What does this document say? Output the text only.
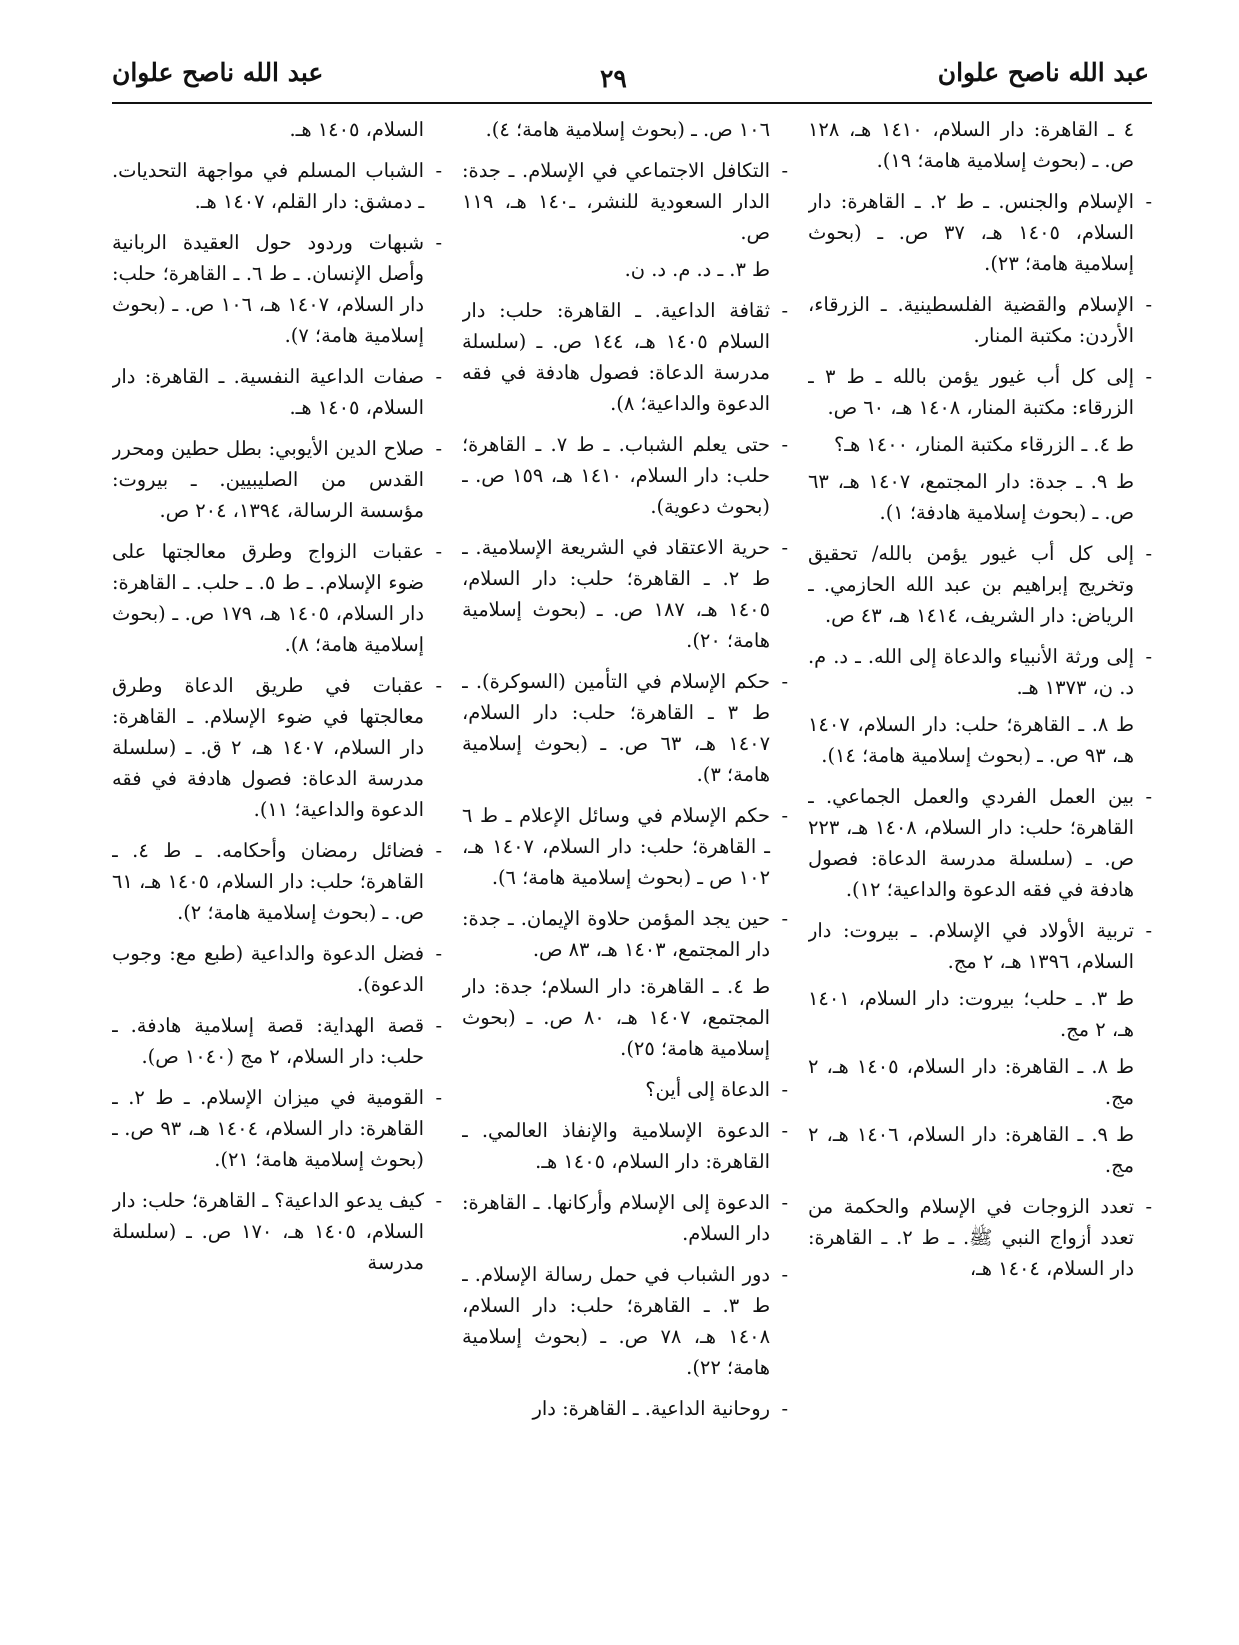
عبد الله ناصح علوان
٢٩
عبد الله ناصح علوان
٤ ـ القاهرة: دار السلام، ١٤١٠ هـ، ١٢٨ ص. ـ (بحوث إسلامية هامة؛ ١٩).
- الإسلام والجنس. ـ ط ٢. ـ القاهرة: دار السلام، ١٤٠٥ هـ، ٣٧ ص. ـ (بحوث إسلامية هامة؛ ٢٣).
- الإسلام والقضية الفلسطينية. ـ الزرقاء، الأردن: مكتبة المنار.
- إلى كل أب غيور يؤمن بالله ـ ط ٣ ـ الزرقاء: مكتبة المنار، ١٤٠٨ هـ، ٦٠ ص.
ط ٤. ـ الزرقاء مكتبة المنار، ١٤٠٠ هـ؟
ط ٩. ـ جدة: دار المجتمع، ١٤٠٧ هـ، ٦٣ ص. ـ (بحوث إسلامية هادفة؛ ١).
- إلى كل أب غيور يؤمن بالله/ تحقيق وتخريج إبراهيم بن عبد الله الحازمي. ـ الرياض: دار الشريف، ١٤١٤ هـ، ٤٣ ص.
- إلى ورثة الأنبياء والدعاة إلى الله. ـ د. م. د. ن، ١٣٧٣ هـ.
ط ٨. ـ القاهرة؛ حلب: دار السلام، ١٤٠٧ هـ، ٩٣ ص. ـ (بحوث إسلامية هامة؛ ١٤).
- بين العمل الفردي والعمل الجماعي. ـ القاهرة؛ حلب: دار السلام، ١٤٠٨ هـ، ٢٢٣ ص. ـ (سلسلة مدرسة الدعاة: فصول هادفة في فقه الدعوة والداعية؛ ١٢).
- تربية الأولاد في الإسلام. ـ بيروت: دار السلام، ١٣٩٦ هـ، ٢ مج.
ط ٣. ـ حلب؛ بيروت: دار السلام، ١٤٠١ هـ، ٢ مج.
ط ٨. ـ القاهرة: دار السلام، ١٤٠٥ هـ، ٢ مج.
ط ٩. ـ القاهرة: دار السلام، ١٤٠٦ هـ، ٢ مج.
- تعدد الزوجات في الإسلام والحكمة من تعدد أزواج النبي ﷺ. ـ ط ٢. ـ القاهرة: دار السلام، ١٤٠٤ هـ،
١٠٦ ص. ـ (بحوث إسلامية هامة؛ ٤).
- التكافل الاجتماعي في الإسلام. ـ جدة: الدار السعودية للنشر، ـ١٤٠ هـ، ١١٩ ص.
ط ٣. ـ د. م. د. ن.
- ثقافة الداعية. ـ القاهرة: حلب: دار السلام ١٤٠٥ هـ، ١٤٤ ص. ـ (سلسلة مدرسة الدعاة: فصول هادفة في فقه الدعوة والداعية؛ ٨).
- حتى يعلم الشباب. ـ ط ٧. ـ القاهرة؛ حلب: دار السلام، ١٤١٠ هـ، ١٥٩ ص. ـ (بحوث دعوية).
- حرية الاعتقاد في الشريعة الإسلامية. ـ ط ٢. ـ القاهرة؛ حلب: دار السلام، ١٤٠٥ هـ، ١٨٧ ص. ـ (بحوث إسلامية هامة؛ ٢٠).
- حكم الإسلام في التأمين (السوكرة). ـ ط ٣ ـ القاهرة؛ حلب: دار السلام، ١٤٠٧ هـ، ٦٣ ص. ـ (بحوث إسلامية هامة؛ ٣).
- حكم الإسلام في وسائل الإعلام ـ ط ٦ ـ القاهرة؛ حلب: دار السلام، ١٤٠٧ هـ، ١٠٢ ص ـ (بحوث إسلامية هامة؛ ٦).
- حين يجد المؤمن حلاوة الإيمان. ـ جدة: دار المجتمع، ١٤٠٣ هـ، ٨٣ ص.
ط ٤. ـ القاهرة: دار السلام؛ جدة: دار المجتمع، ١٤٠٧ هـ، ٨٠ ص. ـ (بحوث إسلامية هامة؛ ٢٥).
- الدعاة إلى أين؟
- الدعوة الإسلامية والإنفاذ العالمي. ـ القاهرة: دار السلام، ١٤٠٥ هـ.
- الدعوة إلى الإسلام وأركانها. ـ القاهرة: دار السلام.
- دور الشباب في حمل رسالة الإسلام. ـ ط ٣. ـ القاهرة؛ حلب: دار السلام، ١٤٠٨ هـ، ٧٨ ص. ـ (بحوث إسلامية هامة؛ ٢٢).
- روحانية الداعية. ـ القاهرة: دار
السلام، ١٤٠٥ هـ.
- الشباب المسلم في مواجهة التحديات. ـ دمشق: دار القلم، ١٤٠٧ هـ.
- شبهات وردود حول العقيدة الربانية وأصل الإنسان. ـ ط ٦. ـ القاهرة؛ حلب: دار السلام، ١٤٠٧ هـ، ١٠٦ ص. ـ (بحوث إسلامية هامة؛ ٧).
- صفات الداعية النفسية. ـ القاهرة: دار السلام، ١٤٠٥ هـ.
- صلاح الدين الأيوبي: بطل حطين ومحرر القدس من الصليبيين. ـ بيروت: مؤسسة الرسالة، ١٣٩٤، ٢٠٤ ص.
- عقبات الزواج وطرق معالجتها على ضوء الإسلام. ـ ط ٥. ـ حلب. ـ القاهرة: دار السلام، ١٤٠٥ هـ، ١٧٩ ص. ـ (بحوث إسلامية هامة؛ ٨).
- عقبات في طريق الدعاة وطرق معالجتها في ضوء الإسلام. ـ القاهرة: دار السلام، ١٤٠٧ هـ، ٢ ق. ـ (سلسلة مدرسة الدعاة: فصول هادفة في فقه الدعوة والداعية؛ ١١).
- فضائل رمضان وأحكامه. ـ ط ٤. ـ القاهرة؛ حلب: دار السلام، ١٤٠٥ هـ، ٦١ ص. ـ (بحوث إسلامية هامة؛ ٢).
- فضل الدعوة والداعية (طبع مع: وجوب الدعوة).
- قصة الهداية: قصة إسلامية هادفة. ـ حلب: دار السلام، ٢ مج (١٠٤٠ ص).
- القومية في ميزان الإسلام. ـ ط ٢. ـ القاهرة: دار السلام، ١٤٠٤ هـ، ٩٣ ص. ـ (بحوث إسلامية هامة؛ ٢١).
- كيف يدعو الداعية؟ ـ القاهرة؛ حلب: دار السلام، ١٤٠٥ هـ، ١٧٠ ص. ـ (سلسلة مدرسة
